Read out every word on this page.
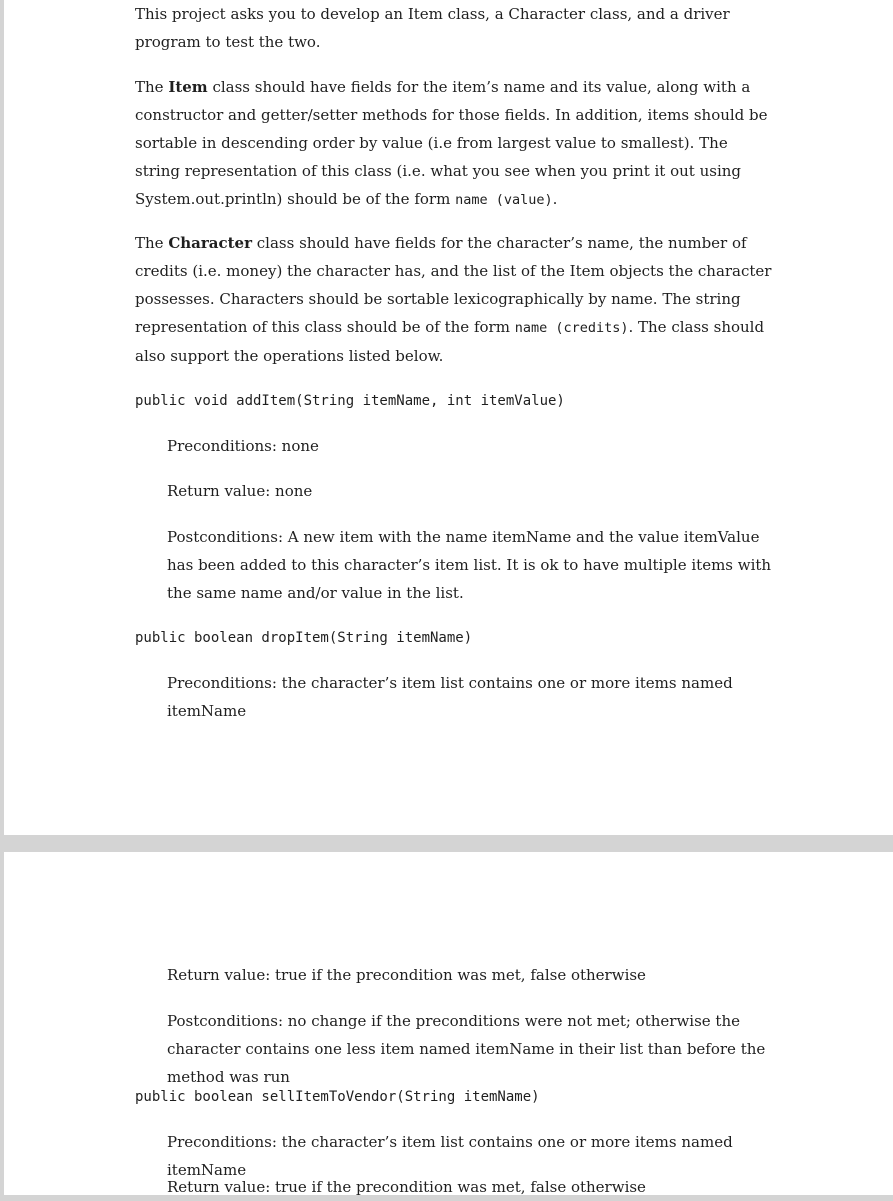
This project asks you to develop an Item class, a Character class, and a driver program to test the two.

The Item class should have fields for the item’s name and its value, along with a constructor and getter/setter methods for those fields. In addition, items should be sortable in descending order by value (i.e from largest value to smallest). The string representation of this class (i.e. what you see when you print it out using System.out.println) should be of the form name (value).

The Character class should have fields for the character’s name, the number of credits (i.e. money) the character has, and the list of the Item objects the character possesses. Characters should be sortable lexicographically by name. The string representation of this class should be of the form name (credits). The class should also support the operations listed below.

public void addItem(String itemName, int itemValue)

Preconditions: none

Return value: none

Postconditions: A new item with the name itemName and the value itemValue has been added to this character’s item list. It is ok to have multiple items with the same name and/or value in the list.

public boolean dropItem(String itemName)

Preconditions: the character’s item list contains one or more items named itemName

Return value: true if the precondition was met, false otherwise

Postconditions: no change if the preconditions were not met; otherwise the character contains one less item named itemName in their list than before the method was run

public boolean sellItemToVendor(String itemName)

Preconditions: the character’s item list contains one or more items named itemName

Return value: true if the precondition was met, false otherwise
